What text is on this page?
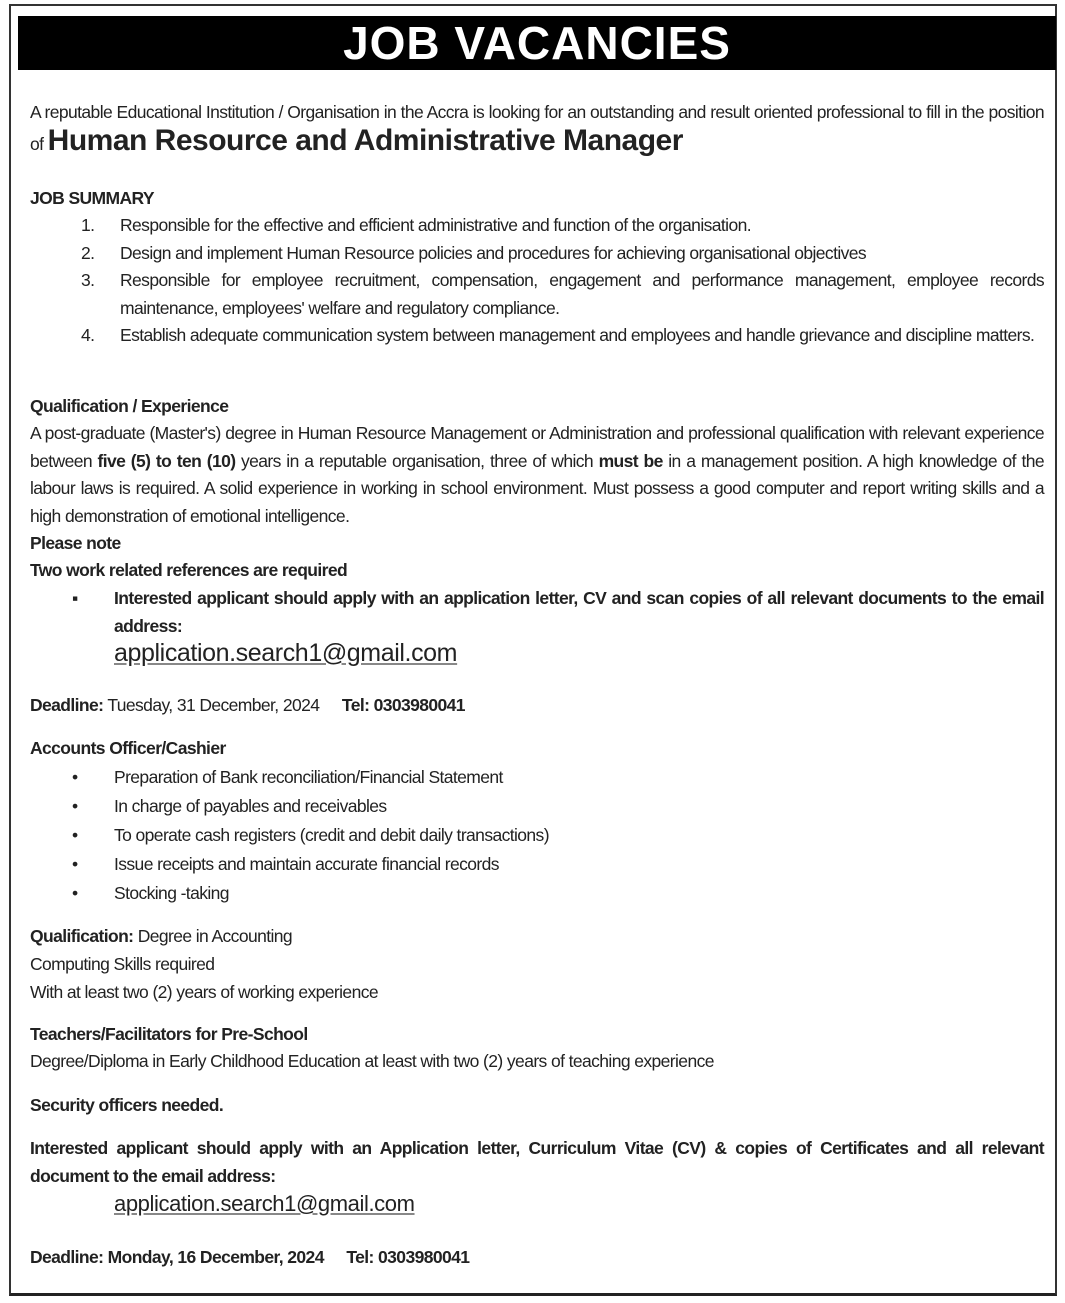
JOB VACANCIES
A reputable Educational Institution / Organisation in the Accra is looking for an outstanding and result oriented professional to fill in the position of Human Resource and Administrative Manager
JOB SUMMARY
1. Responsible for the effective and efficient administrative and function of the organisation.
2. Design and implement Human Resource policies and procedures for achieving organisational objectives
3. Responsible for employee recruitment, compensation, engagement and performance management, employee records maintenance, employees' welfare and regulatory compliance.
4. Establish adequate communication system between management and employees and handle grievance and discipline matters.
Qualification / Experience
A post-graduate (Master's) degree in Human Resource Management or Administration and professional qualification with relevant experience between five (5) to ten (10) years in a reputable organisation, three of which must be in a management position. A high knowledge of the labour laws is required. A solid experience in working in school environment. Must possess a good computer and report writing skills and a high demonstration of emotional intelligence.
Please note
Two work related references are required
▪ Interested applicant should apply with an application letter, CV and scan copies of all relevant documents to the email address:
application.search1@gmail.com
Deadline: Tuesday, 31 December, 2024 Tel: 0303980041
Accounts Officer/Cashier
• Preparation of Bank reconciliation/Financial Statement
• In charge of payables and receivables
• To operate cash registers (credit and debit daily transactions)
• Issue receipts and maintain accurate financial records
• Stocking -taking
Qualification: Degree in Accounting
Computing Skills required
With at least two (2) years of working experience
Teachers/Facilitators for Pre-School
Degree/Diploma in Early Childhood Education at least with two (2) years of teaching experience
Security officers needed.
Interested applicant should apply with an Application letter, Curriculum Vitae (CV) & copies of Certificates and all relevant document to the email address:
application.search1@gmail.com
Deadline: Monday, 16 December, 2024 Tel: 0303980041
